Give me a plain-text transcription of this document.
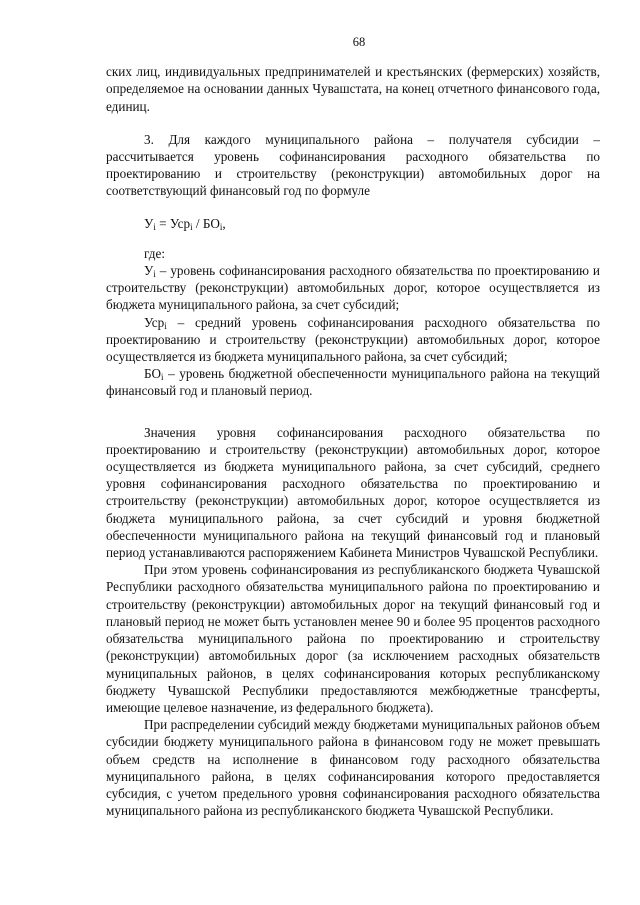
68

ских лиц, индивидуальных предпринимателей и крестьянских (фермерских) хозяйств, определяемое на основании данных Чувашстата, на конец отчетного финансового года, единиц.

3. Для каждого муниципального района – получателя субсидии – рассчитывается уровень софинансирования расходного обязательства по проектированию и строительству (реконструкции) автомобильных дорог на соответствующий финансовый год по формуле

$У_i = Уср_i / БО_i$,

где:

$У_i$ – уровень софинансирования расходного обязательства по проектированию и строительству (реконструкции) автомобильных дорог, которое осуществляется из бюджета муниципального района, за счет субсидий;

Уср$_i$ – средний уровень софинансирования расходного обязательства по проектированию и строительству (реконструкции) автомобильных дорог, которое осуществляется из бюджета муниципального района, за счет субсидий;

$БО_i$ – уровень бюджетной обеспеченности муниципального района на текущий финансовый год и плановый период.

Значения уровня софинансирования расходного обязательства по проектированию и строительству (реконструкции) автомобильных дорог, которое осуществляется из бюджета муниципального района, за счет субсидий, среднего уровня софинансирования расходного обязательства по проектированию и строительству (реконструкции) автомобильных дорог, которое осуществляется из бюджета муниципального района, за счет субсидий и уровня бюджетной обеспеченности муниципального района на текущий финансовый год и плановый период устанавливаются распоряжением Кабинета Министров Чувашской Республики.

При этом уровень софинансирования из республиканского бюджета Чувашской Республики расходного обязательства муниципального района по проектированию и строительству (реконструкции) автомобильных дорог на текущий финансовый год и плановый период не может быть установлен менее 90 и более 95 процентов расходного обязательства муниципального района по проектированию и строительству (реконструкции) автомобильных дорог (за исключением расходных обязательств муниципальных районов, в целях софинансирования которых республиканскому бюджету Чувашской Республики предоставляются межбюджетные трансферты, имеющие целевое назначение, из федерального бюджета).

При распределении субсидий между бюджетами муниципальных районов объем субсидии бюджету муниципального района в финансовом году не может превышать объем средств на исполнение в финансовом году расходного обязательства муниципального района, в целях софинансирования которого предоставляется субсидия, с учетом предельного уровня софинансирования расходного обязательства муниципального района из республиканского бюджета Чувашской Республики.
